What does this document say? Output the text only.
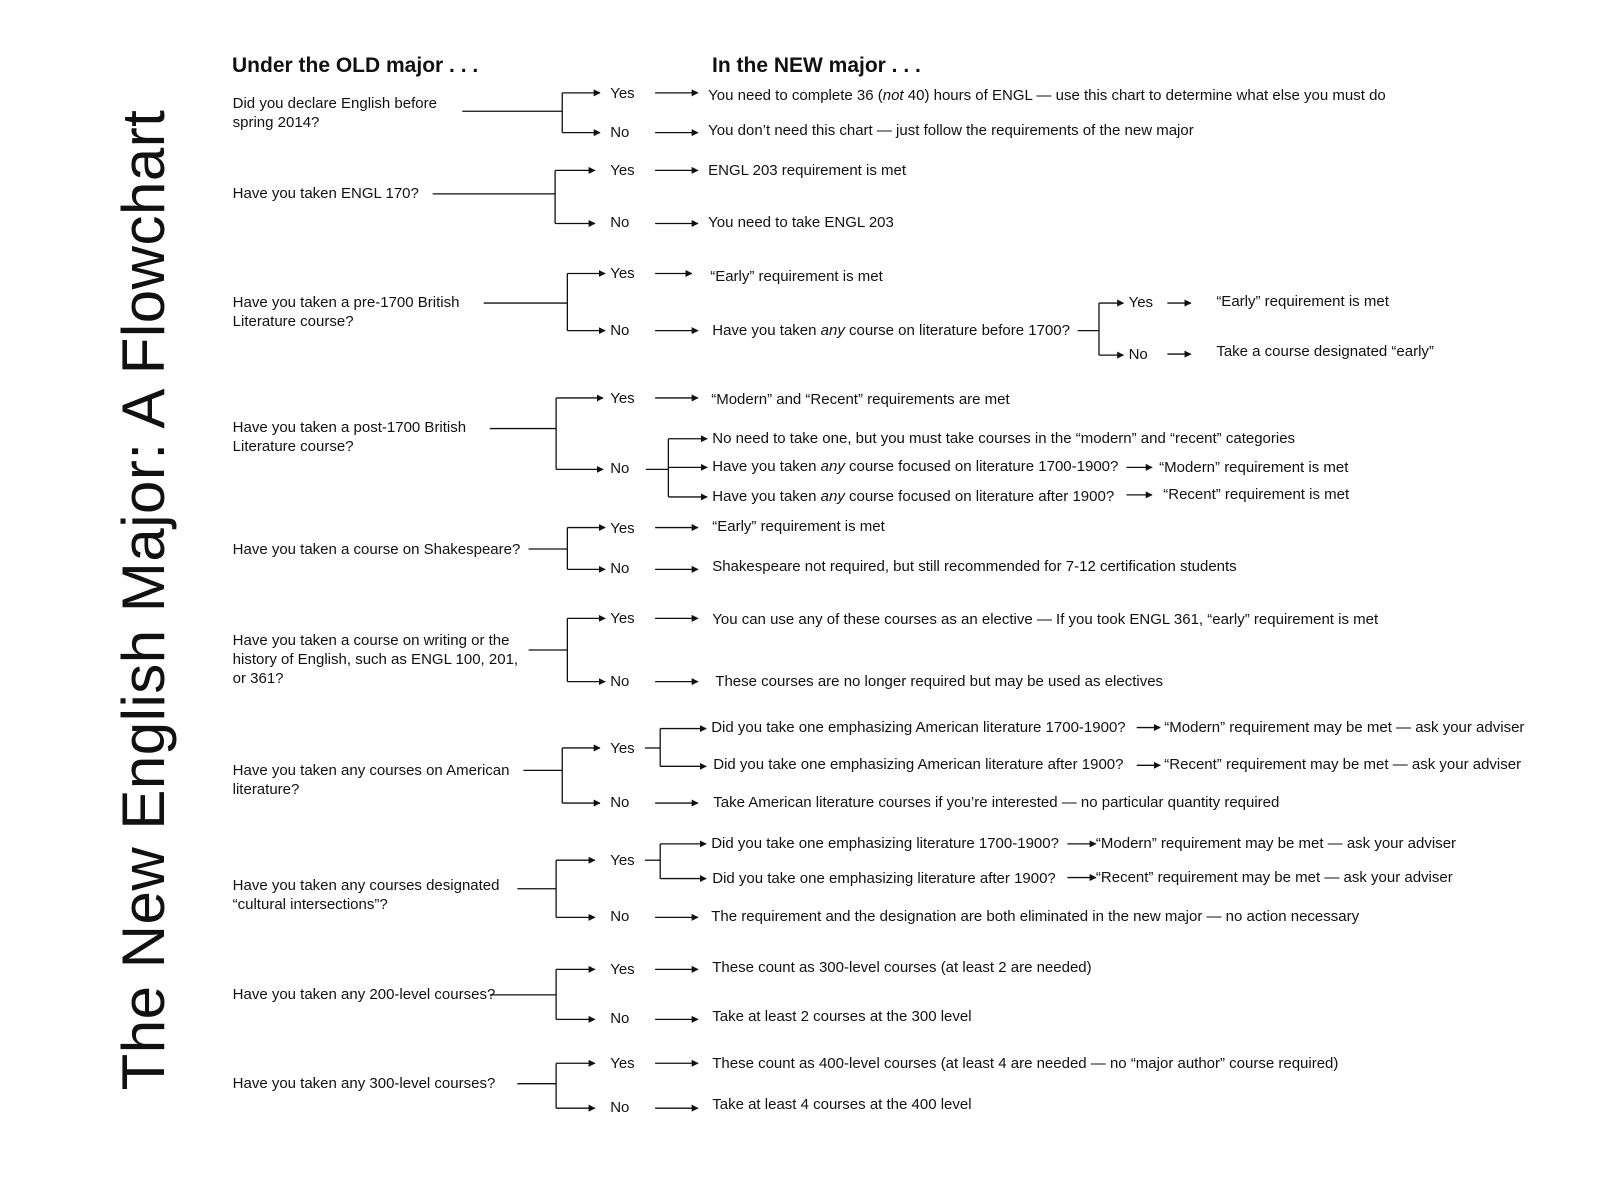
The New English Major: A Flowchart
Under the OLD major . . .	In the NEW major . . .
Did you declare English before
spring 2014?
Yes
No
Have you taken ENGL 170?
Yes
No
Have you taken a pre-1700 British
Literature course?
Yes
No
Have you taken a post-1700 British
Literature course?
Yes
No
Have you taken a course on Shakespeare?
Yes
No
Have you taken a course on writing or the
history of English, such as ENGL 100, 201,
or 361?
Yes
No
Have you taken any courses on American
literature?
Yes
No
Have you taken any courses designated
“cultural intersections”?
Yes
No
Have you taken any 200-level courses?
Yes
No
Have you taken any 300-level courses?
Yes
No
You need to complete 36 (not 40) hours of ENGL — use this chart to determine what else you must do
You don’t need this chart — just follow the requirements of the new major
ENGL 203 requirement is met
You need to take ENGL 203
“Early” requirement is met
Shakespeare not required, but still recommended for 7-12 certification students
You can use any of these courses as an elective — If you took ENGL 361, “early” requirement is met
These courses are no longer required but may be used as electives
These count as 300-level courses (at least 2 are needed)
Take at least 2 courses at the 300 level
These count as 400-level courses (at least 4 are needed — no “major author” course required)
Take at least 4 courses at the 400 level
“Early” requirement is met
Have you taken any course on literature before 1700?
Yes
No
“Early” requirement is met
Take a course designated “early”
“Modern” and “Recent” requirements are met
No need to take one, but you must take courses in the “modern” and “recent” categories
Have you taken any course focused on literature 1700-1900?	“Modern” requirement is met
Have you taken any course focused on literature after 1900?	“Recent” requirement is met
Did you take one emphasizing American literature 1700-1900?	“Modern” requirement may be met — ask your adviser
Did you take one emphasizing American literature after 1900?	“Recent” requirement may be met — ask your adviser
Take American literature courses if you’re interested — no particular quantity required
Did you take one emphasizing literature 1700-1900? “Modern” requirement may be met — ask your adviser
Did you take one emphasizing literature after 1900?	“Recent” requirement may be met — ask your adviser
The requirement and the designation are both eliminated in the new major — no action necessary
